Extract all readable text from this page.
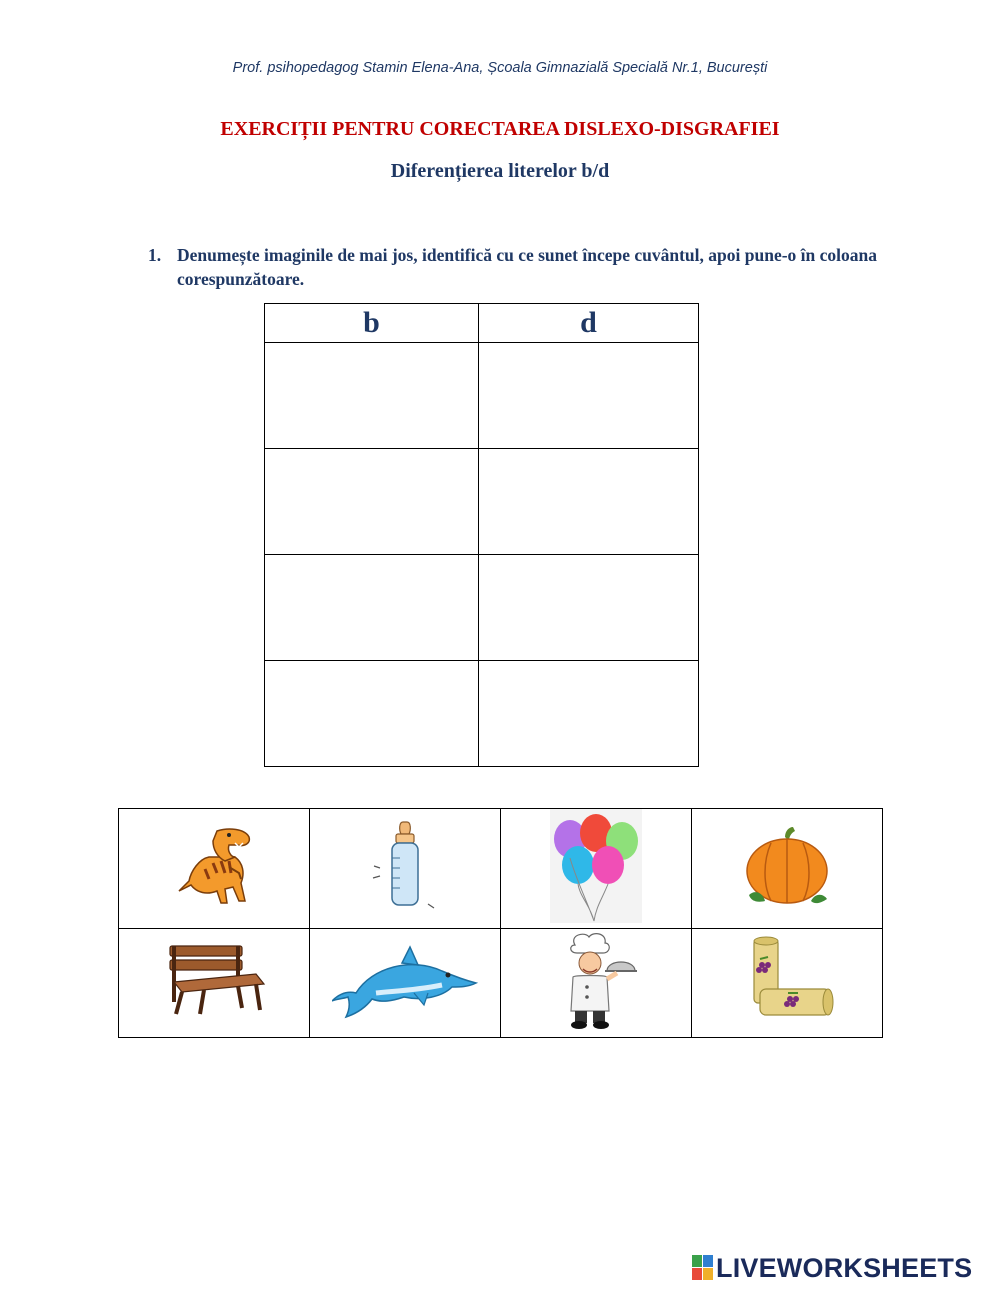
Prof. psihopedagog Stamin Elena-Ana, Școala Gimnazială Specială Nr.1, București
EXERCIȚII PENTRU CORECTAREA DISLEXO-DISGRAFIEI
Diferențierea literelor b/d
1. Denumește imaginile de mai jos, identifică cu ce sunet începe cuvântul, apoi pune-o în coloana corespunzătoare.
b	d

LIVEWORKSHEETS
